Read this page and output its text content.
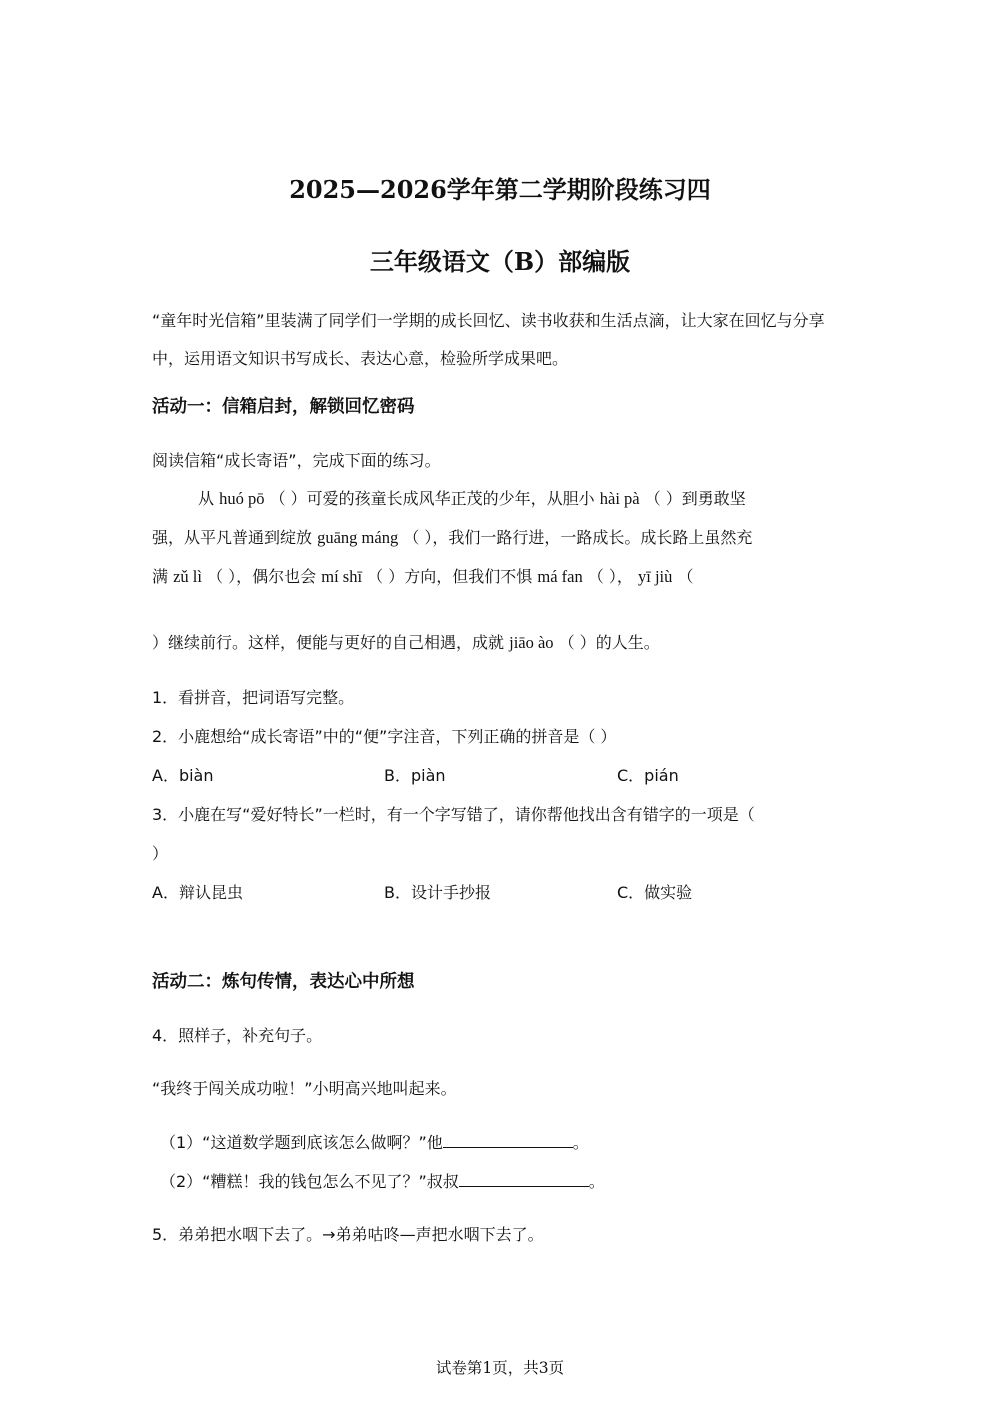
2025—2026学年第二学期阶段练习四
三年级语文（B）部编版
“童年时光信箱”里装满了同学们一学期的成长回忆、读书收获和生活点滴，让大家在回忆与分享中，运用语文知识书写成长、表达心意，检验所学成果吧。
活动一：信箱启封，解锁回忆密码
阅读信箱“成长寄语”，完成下面的练习。
从 huó pō （ ）可爱的孩童长成风华正茂的少年，从胆小 hài pà （ ）到勇敢坚
强，从平凡普通到绽放 guāng máng （ ），我们一路行进，一路成长。成长路上虽然充
满 zǔ lì （ ），偶尔也会 mí shī （ ）方向，但我们不惧 má fan （ ）， yī jiù （
）继续前行。这样，便能与更好的自己相遇，成就 jiāo ào （ ）的人生。
1．看拼音，把词语写完整。
2．小鹿想给“成长寄语”中的“便”字注音，下列正确的拼音是（ ）
A．biàn	B．piàn	C．pián
3．小鹿在写“爱好特长”一栏时，有一个字写错了，请你帮他找出含有错字的一项是（
）
A．辩认昆虫	B．设计手抄报	C．做实验
活动二：炼句传情，表达心中所想
4．照样子，补充句子。
“我终于闯关成功啦！”小明高兴地叫起来。
（1）“这道数学题到底该怎么做啊？”他	。
（2）“糟糕！我的钱包怎么不见了？”叔叔	。
5．弟弟把水咽下去了。→弟弟咕咚—声把水咽下去了。
试卷第1页，共3页
